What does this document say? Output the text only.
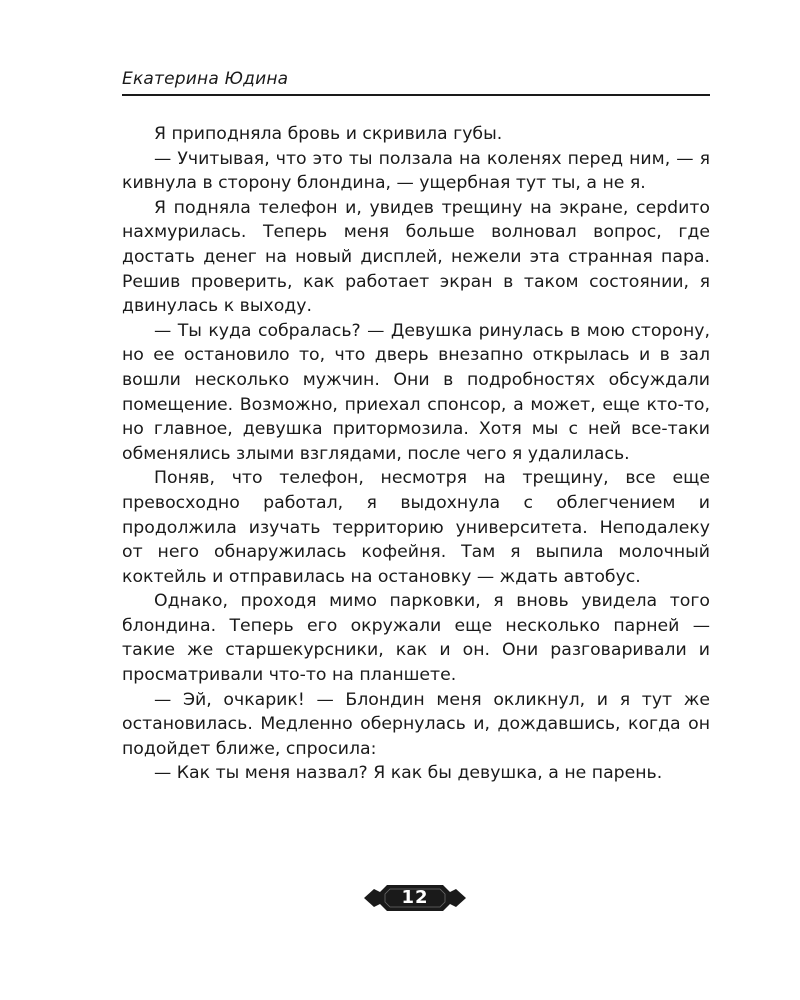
Екатерина Юдина

Я приподняла бровь и скривила губы.

— Учитывая, что это ты ползала на коленях перед ним, — я кивнула в сторону блондина, — ущербная тут ты, а не я.

Я подняла телефон и, увидев трещину на экране, серdито нахмурилась. Теперь меня больше волновал вопрос, где достать денег на новый дисплей, нежели эта странная пара. Решив проверить, как работает экран в таком состоянии, я двинулась к выходу.

— Ты куда собралась? — Девушка ринулась в мою сторону, но ее остановило то, что дверь внезапно открылась и в зал вошли несколько мужчин. Они в подробностях обсуждали помещение. Возможно, приехал спонсор, а может, еще кто-то, но главное, девушка притормозила. Хотя мы с ней все-таки обменялись злыми взглядами, после чего я удалилась.

Поняв, что телефон, несмотря на трещину, все еще превосходно работал, я выдохнула с облегчением и продолжила изучать территорию университета. Неподалеку от него обнаружилась кофейня. Там я выпила молочный коктейль и отправилась на остановку — ждать автобус.

Однако, проходя мимо парковки, я вновь увидела того блондина. Теперь его окружали еще несколько парней — такие же старшекурсники, как и он. Они разговаривали и просматривали что-то на планшете.

— Эй, очкарик! — Блондин меня окликнул, и я тут же остановилась. Медленно обернулась и, дождавшись, когда он подойдет ближе, спросила:

— Как ты меня назвал? Я как бы девушка, а не парень.

12
